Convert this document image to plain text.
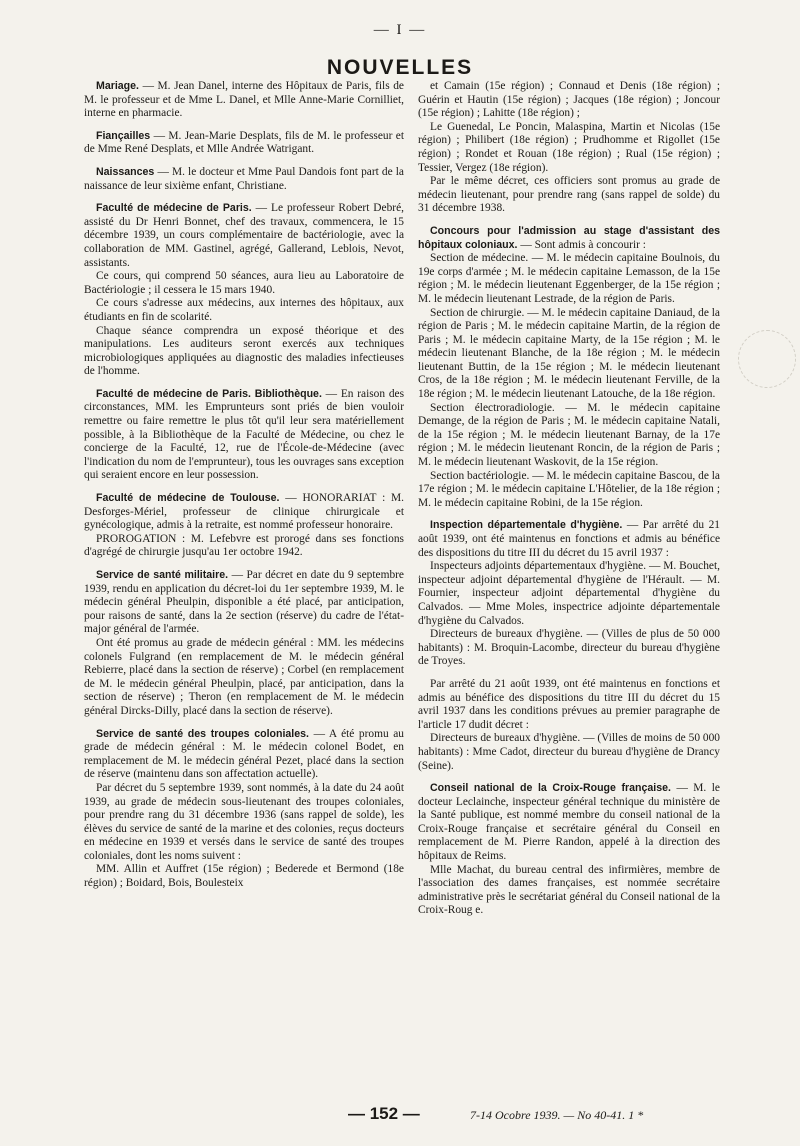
— I —
NOUVELLES

Mariage. — M. Jean Danel, interne des Hôpitaux de Paris, fils de M. le professeur et de Mme L. Danel, et Mlle Anne-Marie Cornilliet, interne en pharmacie.

Fiançailles — M. Jean-Marie Desplats, fils de M. le professeur et de Mme René Desplats, et Mlle Andrée Watrigant.

Naissances — M. le docteur et Mme Paul Dandois font part de la naissance de leur sixième enfant, Christiane.

Faculté de médecine de Paris. — Le professeur Robert Debré, assisté du Dr Henri Bonnet, chef des travaux, commencera, le 15 décembre 1939, un cours complémentaire de bactériologie, avec la collaboration de MM. Gastinel, agrégé, Gallerand, Leblois, Nevot, assistants.

Ce cours, qui comprend 50 séances, aura lieu au Laboratoire de Bactériologie ; il cessera le 15 mars 1940.

Ce cours s'adresse aux médecins, aux internes des hôpitaux, aux étudiants en fin de scolarité.

Chaque séance comprendra un exposé théorique et des manipulations. Les auditeurs seront exercés aux techniques microbiologiques appliquées au diagnostic des maladies infectieuses de l'homme.

Faculté de médecine de Paris. Bibliothèque. — En raison des circonstances, MM. les Emprunteurs sont priés de bien vouloir remettre ou faire remettre le plus tôt qu'il leur sera matériellement possible, à la Bibliothèque de la Faculté de Médecine, ou chez le concierge de la Faculté, 12, rue de l'École-de-Médecine (avec l'indication du nom de l'emprunteur), tous les ouvrages sans exception qui seraient encore en leur possession.

Faculté de médecine de Toulouse. — HONORARIAT : M. Desforges-Mériel, professeur de clinique chirurgicale et gynécologique, admis à la retraite, est nommé professeur honoraire.

PROROGATION : M. Lefebvre est prorogé dans ses fonctions d'agrégé de chirurgie jusqu'au 1er octobre 1942.

Service de santé militaire. — Par décret en date du 9 septembre 1939, rendu en application du décret-loi du 1er septembre 1939, M. le médecin général Pheulpin, disponible a été placé, par anticipation, pour raisons de santé, dans la 2e section (réserve) du cadre de l'état-major général de l'armée.

Ont été promus au grade de médecin général : MM. les médecins colonels Fulgrand (en remplacement de M. le médecin général Rebierre, placé dans la section de réserve) ; Corbel (en remplacement de M. le médecin général Pheulpin, placé, par anticipation, dans la section de réserve) ; Theron (en remplacement de M. le médecin général Dircks-Dilly, placé dans la section de réserve).

Service de santé des troupes coloniales. — A été promu au grade de médecin général : M. le médecin colonel Bodet, en remplacement de M. le médecin général Pezet, placé dans la section de réserve (maintenu dans son affectation actuelle).

Par décret du 5 septembre 1939, sont nommés, à la date du 24 août 1939, au grade de médecin sous-lieutenant des troupes coloniales, pour prendre rang du 31 décembre 1936 (sans rappel de solde), les élèves du service de santé de la marine et des colonies, reçus docteurs en médecine en 1939 et versés dans le service de santé des troupes coloniales, dont les noms suivent :

MM. Allin et Auffret (15e région) ; Bederede et Bermond (18e région) ; Boidard, Bois, Boulesteix

et Camain (15e région) ; Connaud et Denis (18e région) ; Guérin et Hautin (15e région) ; Jacques (18e région) ; Joncour (15e région) ; Lahitte (18e région) ;

Le Guenedal, Le Poncin, Malaspina, Martin et Nicolas (15e région) ; Philibert (18e région) ; Prudhomme et Rigollet (15e région) ; Rondet et Rouan (18e région) ; Rual (15e région) ; Tessier, Vergez (18e région).

Par le même décret, ces officiers sont promus au grade de médecin lieutenant, pour prendre rang (sans rappel de solde) du 31 décembre 1938.

Concours pour l'admission au stage d'assistant des hôpitaux coloniaux. — Sont admis à concourir :

Section de médecine. — M. le médecin capitaine Boulnois, du 19e corps d'armée ; M. le médecin capitaine Lemasson, de la 15e région ; M. le médecin lieutenant Eggenberger, de la 15e région ; M. le médecin lieutenant Lestrade, de la région de Paris.

Section de chirurgie. — M. le médecin capitaine Daniaud, de la région de Paris ; M. le médecin capitaine Martin, de la région de Paris ; M. le médecin capitaine Marty, de la 15e région ; M. le médecin lieutenant Blanche, de la 18e région ; M. le médecin lieutenant Buttin, de la 15e région ; M. le médecin lieutenant Cros, de la 18e région ; M. le médecin lieutenant Ferville, de la 18e région ; M. le médecin lieutenant Latouche, de la 18e région.

Section électroradiologie. — M. le médecin capitaine Demange, de la région de Paris ; M. le médecin capitaine Natali, de la 15e région ; M. le médecin lieutenant Barnay, de la 17e région ; M. le médecin lieutenant Roncin, de la région de Paris ; M. le médecin lieutenant Waskovit, de la 15e région.

Section bactériologie. — M. le médecin capitaine Bascou, de la 17e région ; M. le médecin capitaine L'Hôtelier, de la 18e région ; M. le médecin capitaine Robini, de la 15e région.

Inspection départementale d'hygiène. — Par arrêté du 21 août 1939, ont été maintenus en fonctions et admis au bénéfice des dispositions du titre III du décret du 15 avril 1937 :

Inspecteurs adjoints départementaux d'hygiène. — M. Bouchet, inspecteur adjoint départemental d'hygiène de l'Hérault. — M. Fournier, inspecteur adjoint départemental d'hygiène du Calvados. — Mme Moles, inspectrice adjointe départementale d'hygiène du Calvados.

Directeurs de bureaux d'hygiène. — (Villes de plus de 50 000 habitants) : M. Broquin-Lacombe, directeur du bureau d'hygiène de Troyes.

Par arrêté du 21 août 1939, ont été maintenus en fonctions et admis au bénéfice des dispositions du titre III du décret du 15 avril 1937 dans les conditions prévues au premier paragraphe de l'article 17 dudit décret :

Directeurs de bureaux d'hygiène. — (Villes de moins de 50 000 habitants) : Mme Cadot, directeur du bureau d'hygiène de Drancy (Seine).

Conseil national de la Croix-Rouge française. — M. le docteur Leclainche, inspecteur général technique du ministère de la Santé publique, est nommé membre du conseil national de la Croix-Rouge française et secrétaire général du Conseil en remplacement de M. Pierre Randon, appelé à la direction des hôpitaux de Reims.

Mlle Machat, du bureau central des infirmières, membre de l'association des dames françaises, est nommée secrétaire administrative près le secrétariat général du Conseil national de la Croix-Roug e.

— 152 —	7-14 Ocobre 1939. — No 40-41. 1 *
